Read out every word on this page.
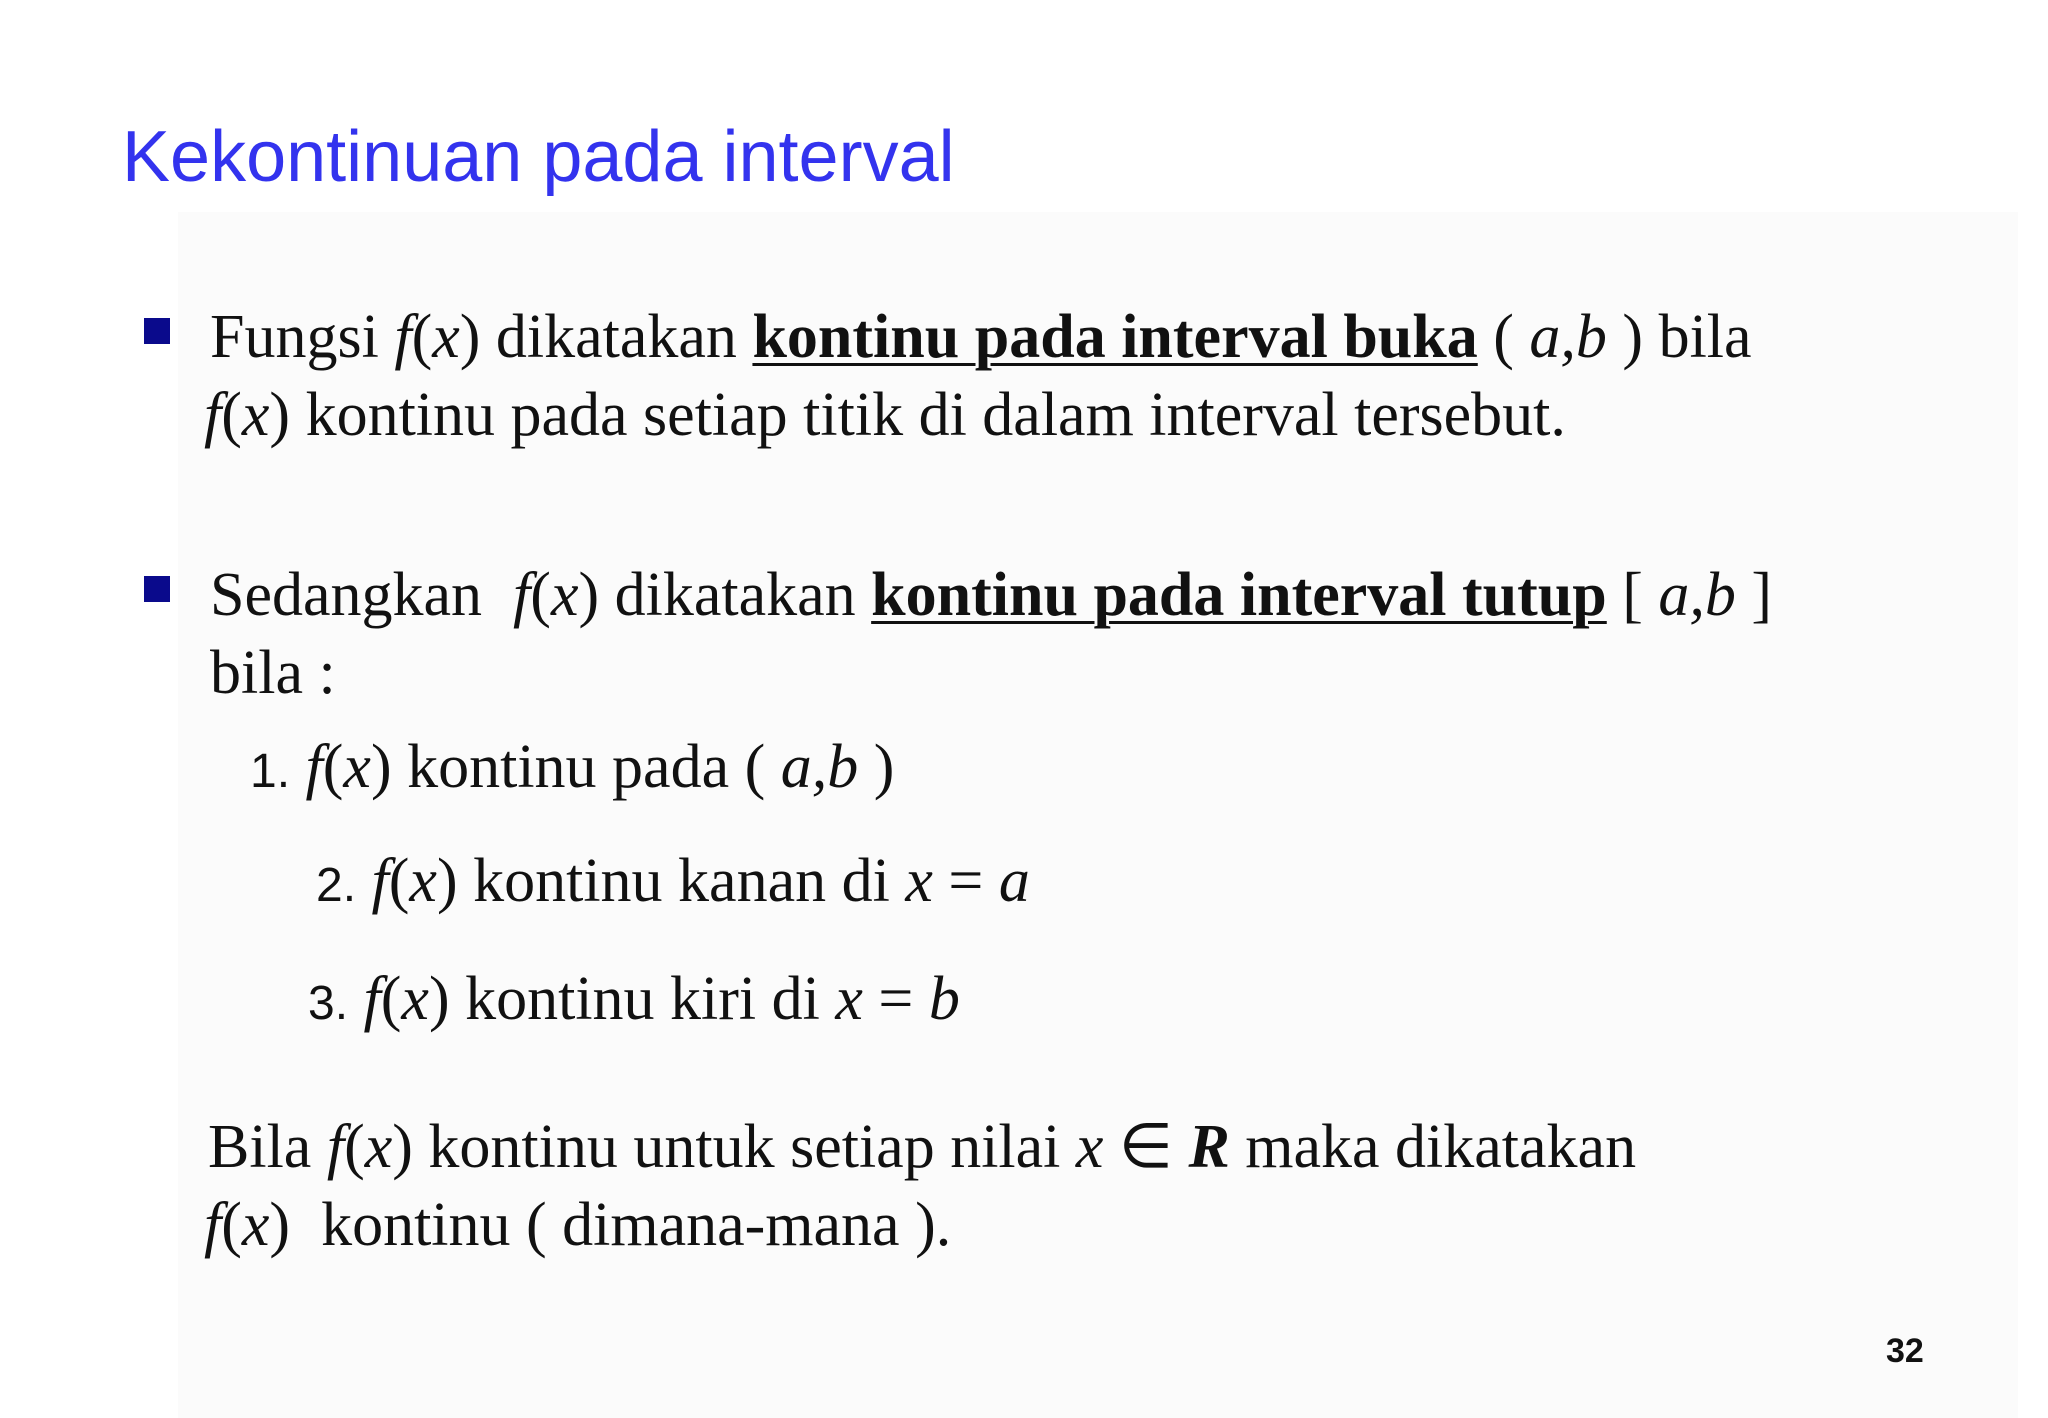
Kekontinuan pada interval
Fungsi f(x) dikatakan kontinu pada interval buka ( a,b ) bila
f(x) kontinu pada setiap titik di dalam interval tersebut.
Sedangkan  f(x) dikatakan kontinu pada interval tutup [ a,b ]
bila :
1. f(x) kontinu pada ( a,b )
2. f(x) kontinu kanan di x = a
3. f(x) kontinu kiri di x = b
Bila f(x) kontinu untuk setiap nilai x ∈ R maka dikatakan
f(x)  kontinu ( dimana-mana ).
32
